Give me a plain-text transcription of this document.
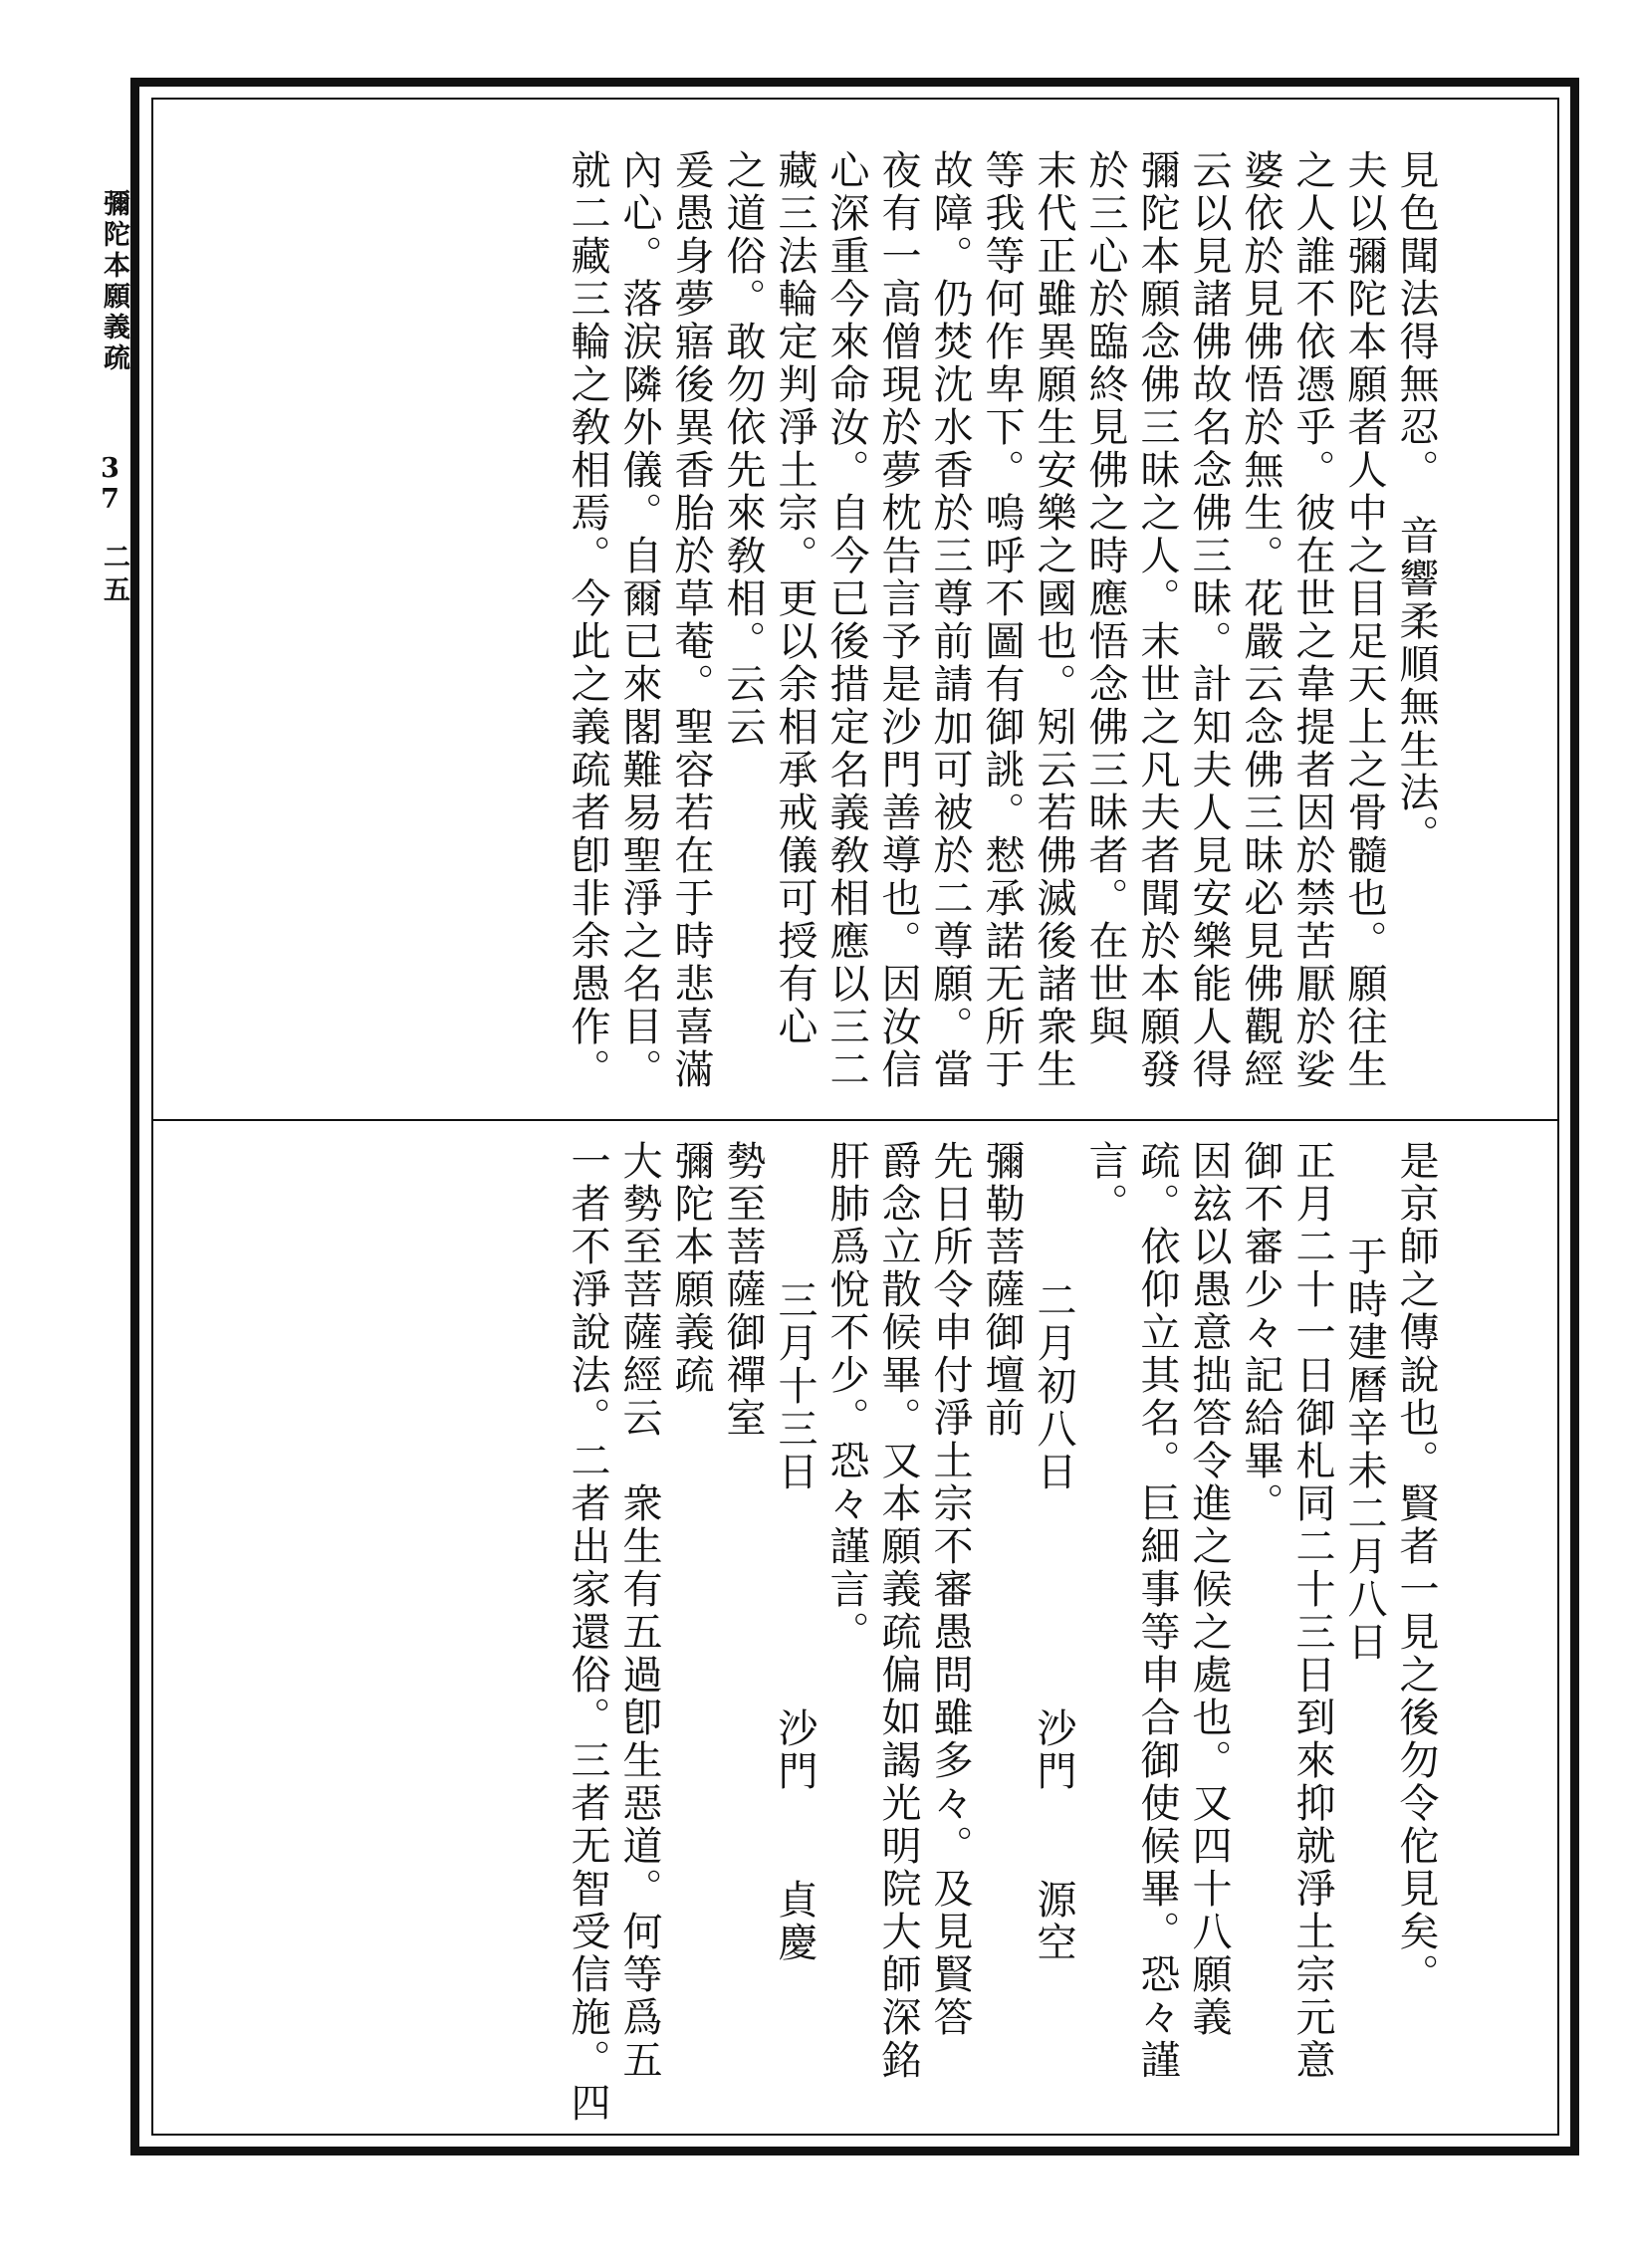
彌陀本願義疏
37
二五	見色聞法得無忍。　音響柔順無生法。
夫以彌陀本願者人中之目足天上之骨髓也。願往生
之人誰不依憑乎。彼在世之韋提者因於禁苦厭於娑
婆依於見佛悟於無生。花嚴云念佛三昧必見佛觀經
云以見諸佛故名念佛三昧。計知夫人見安樂能人得
彌陀本願念佛三昧之人。末世之凡夫者聞於本願發
於三心於臨終見佛之時應悟念佛三昧者。在世與
末代正雖異願生安樂之國也。矧云若佛滅後諸衆生
等我等何作卑下。嗚呼不圖有御誂。慭承諾无所于
故障。仍焚沈水香於三尊前請加可被於二尊願。當
夜有一高僧現於夢枕告言予是沙門善導也。因汝信
心深重今來命汝。自今已後措定名義敎相應以三二
藏三法輪定判淨土宗。更以余相承戒儀可授有心
之道俗。敢勿依先來敎相。云云
爰愚身夢寤後異香胎於草菴。聖容若在于時悲喜滿
內心。落涙隣外儀。自爾已來閣難易聖淨之名目。
就二藏三輪之敎相焉。今此之義疏者卽非余愚作。
是京師之傳說也。賢者一見之後勿令佗見矣。
于時建曆辛未二月八日
正月二十一日御札同二十三日到來抑就淨土宗元意
御不審少々記給畢。
因玆以愚意拙答令進之候之處也。又四十八願義
疏。依仰立其名。巨細事等申合御使候畢。恐々謹
言。
二月初八日　　　　　沙門　　源空
彌勒菩薩御壇前
先日所令申付淨土宗不審愚問雖多々。及見賢答
爵念立散候畢。又本願義疏偏如謁光明院大師深銘
肝肺爲悅不少。恐々謹言。
三月十三日　　　　　沙門　　貞慶
勢至菩薩御禪室
彌陀本願義疏
大勢至菩薩經云　衆生有五過卽生惡道。何等爲五
一者不淨說法。二者出家還俗。三者无智受信施。四
